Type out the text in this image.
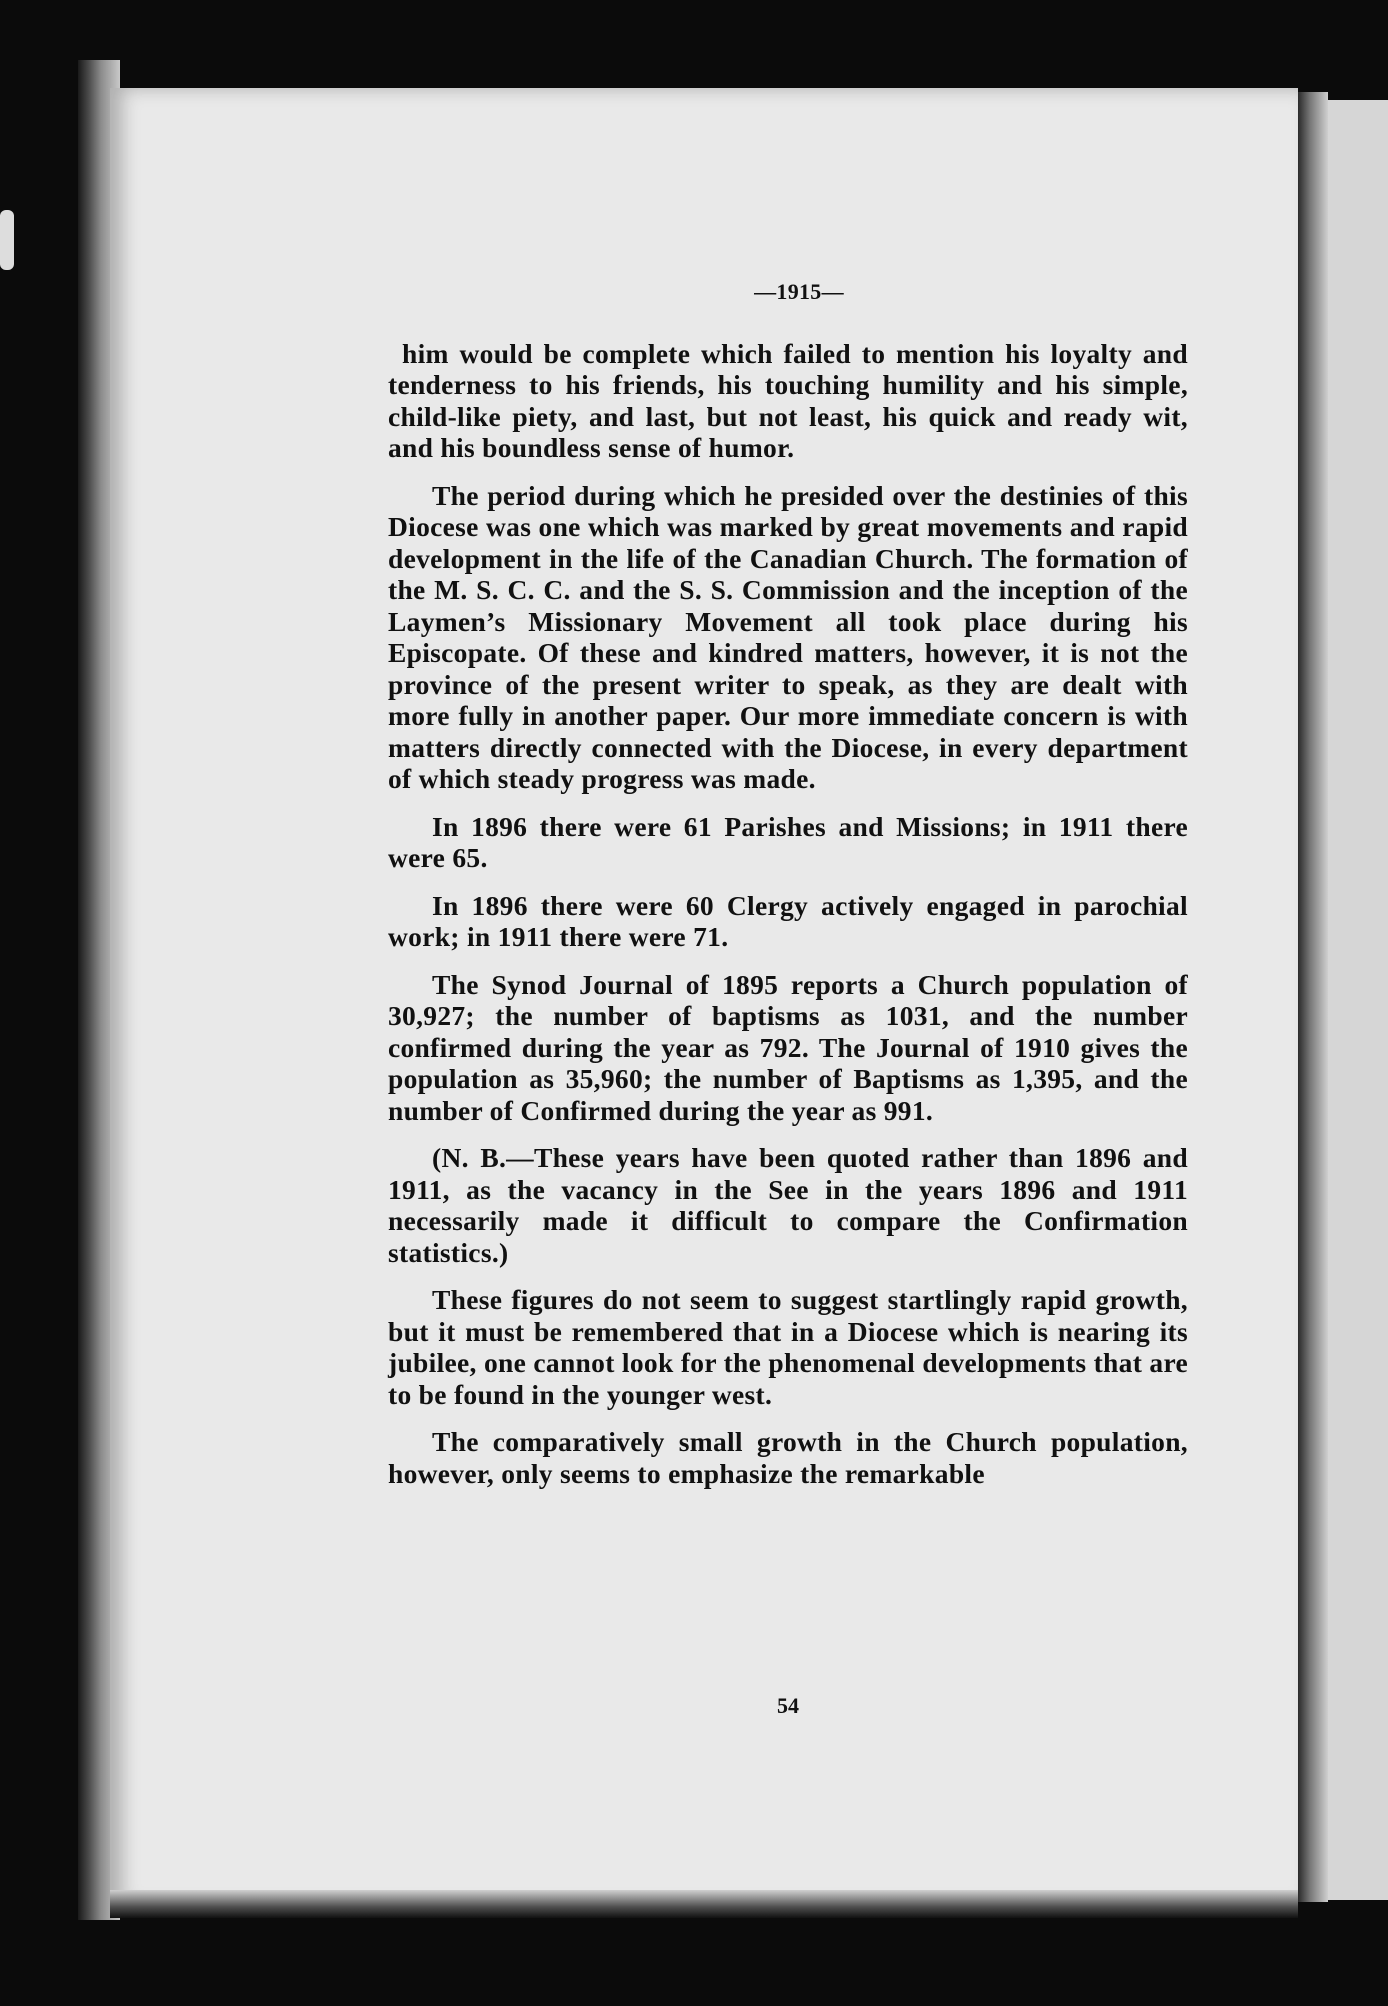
—1915—

him would be complete which failed to mention his loyalty and tenderness to his friends, his touching humility and his simple, child-like piety, and last, but not least, his quick and ready wit, and his boundless sense of humor.

The period during which he presided over the destinies of this Diocese was one which was marked by great movements and rapid development in the life of the Canadian Church. The formation of the M. S. C. C. and the S. S. Commission and the inception of the Laymen’s Missionary Movement all took place during his Episcopate. Of these and kindred matters, however, it is not the province of the present writer to speak, as they are dealt with more fully in another paper. Our more immediate concern is with matters directly connected with the Diocese, in every department of which steady progress was made.

In 1896 there were 61 Parishes and Missions; in 1911 there were 65.

In 1896 there were 60 Clergy actively engaged in parochial work; in 1911 there were 71.

The Synod Journal of 1895 reports a Church population of 30,927; the number of baptisms as 1031, and the number confirmed during the year as 792. The Journal of 1910 gives the population as 35,960; the number of Baptisms as 1,395, and the number of Confirmed during the year as 991.

(N. B.—These years have been quoted rather than 1896 and 1911, as the vacancy in the See in the years 1896 and 1911 necessarily made it difficult to compare the Confirmation statistics.)

These figures do not seem to suggest startlingly rapid growth, but it must be remembered that in a Diocese which is nearing its jubilee, one cannot look for the phenomenal developments that are to be found in the younger west.

The comparatively small growth in the Church population, however, only seems to emphasize the remarkable

54
